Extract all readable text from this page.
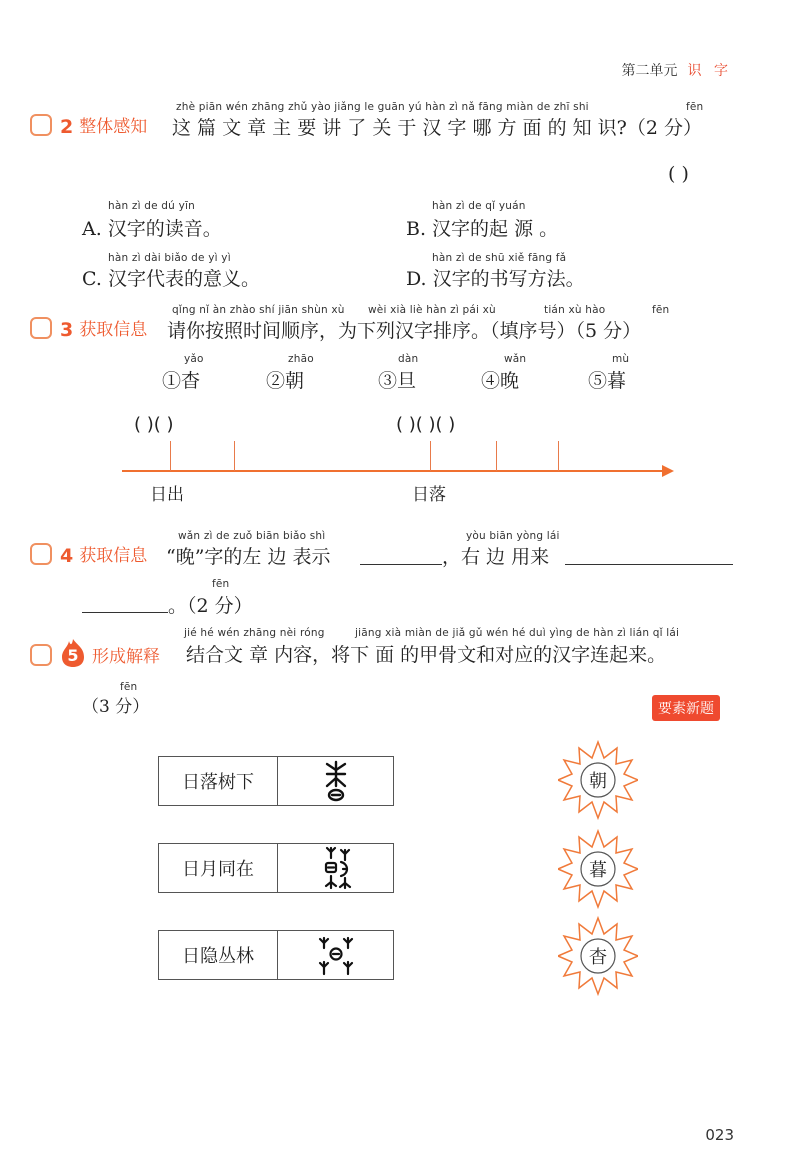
第二单元 识 字
zhè piān wén zhāng zhǔ yào jiǎng le guān yú hàn zì nǎ fāng miàn de zhī shi	fēn
2 整体感知 这 篇 文 章 主 要 讲 了 关 于 汉 字 哪 方 面 的 知 识?（2 分）
( )
hàn zì de dú yīn
A. 汉字的读音。
hàn zì de qǐ yuán
B. 汉字的起 源 。
hàn zì dài biǎo de yì yì
C. 汉字代表的意义。
hàn zì de shū xiě fāng fǎ
D. 汉字的书写方法。
qǐng nǐ àn zhào shí jiān shùn xù wèi xià liè hàn zì pái xù	tián xù hào	fēn
3 获取信息 请你按照时间顺序，为下列汉字排序。（填序号）（5 分）
yǎo
①杳
zhāo
②朝
dàn
③旦
wǎn
④晚
mù
⑤暮
( )( )	( )( )( )
日出	日落
wǎn zì de zuǒ biān biǎo shì	yòu biān yòng lái
4 获取信息 “晚”字的左 边 表示	，右 边 用来
fēn
。（2 分）
jié hé wén zhāng nèi róng	jiāng xià miàn de jiǎ gǔ wén hé duì yìng de hàn zì lián qǐ lái
5 形成解释 结合文 章 内容，将下 面 的甲骨文和对应的汉字连起来。
fēn
（3 分）	要素新题
日落树下
日月同在
日隐丛林
朝
暮
杳
023
